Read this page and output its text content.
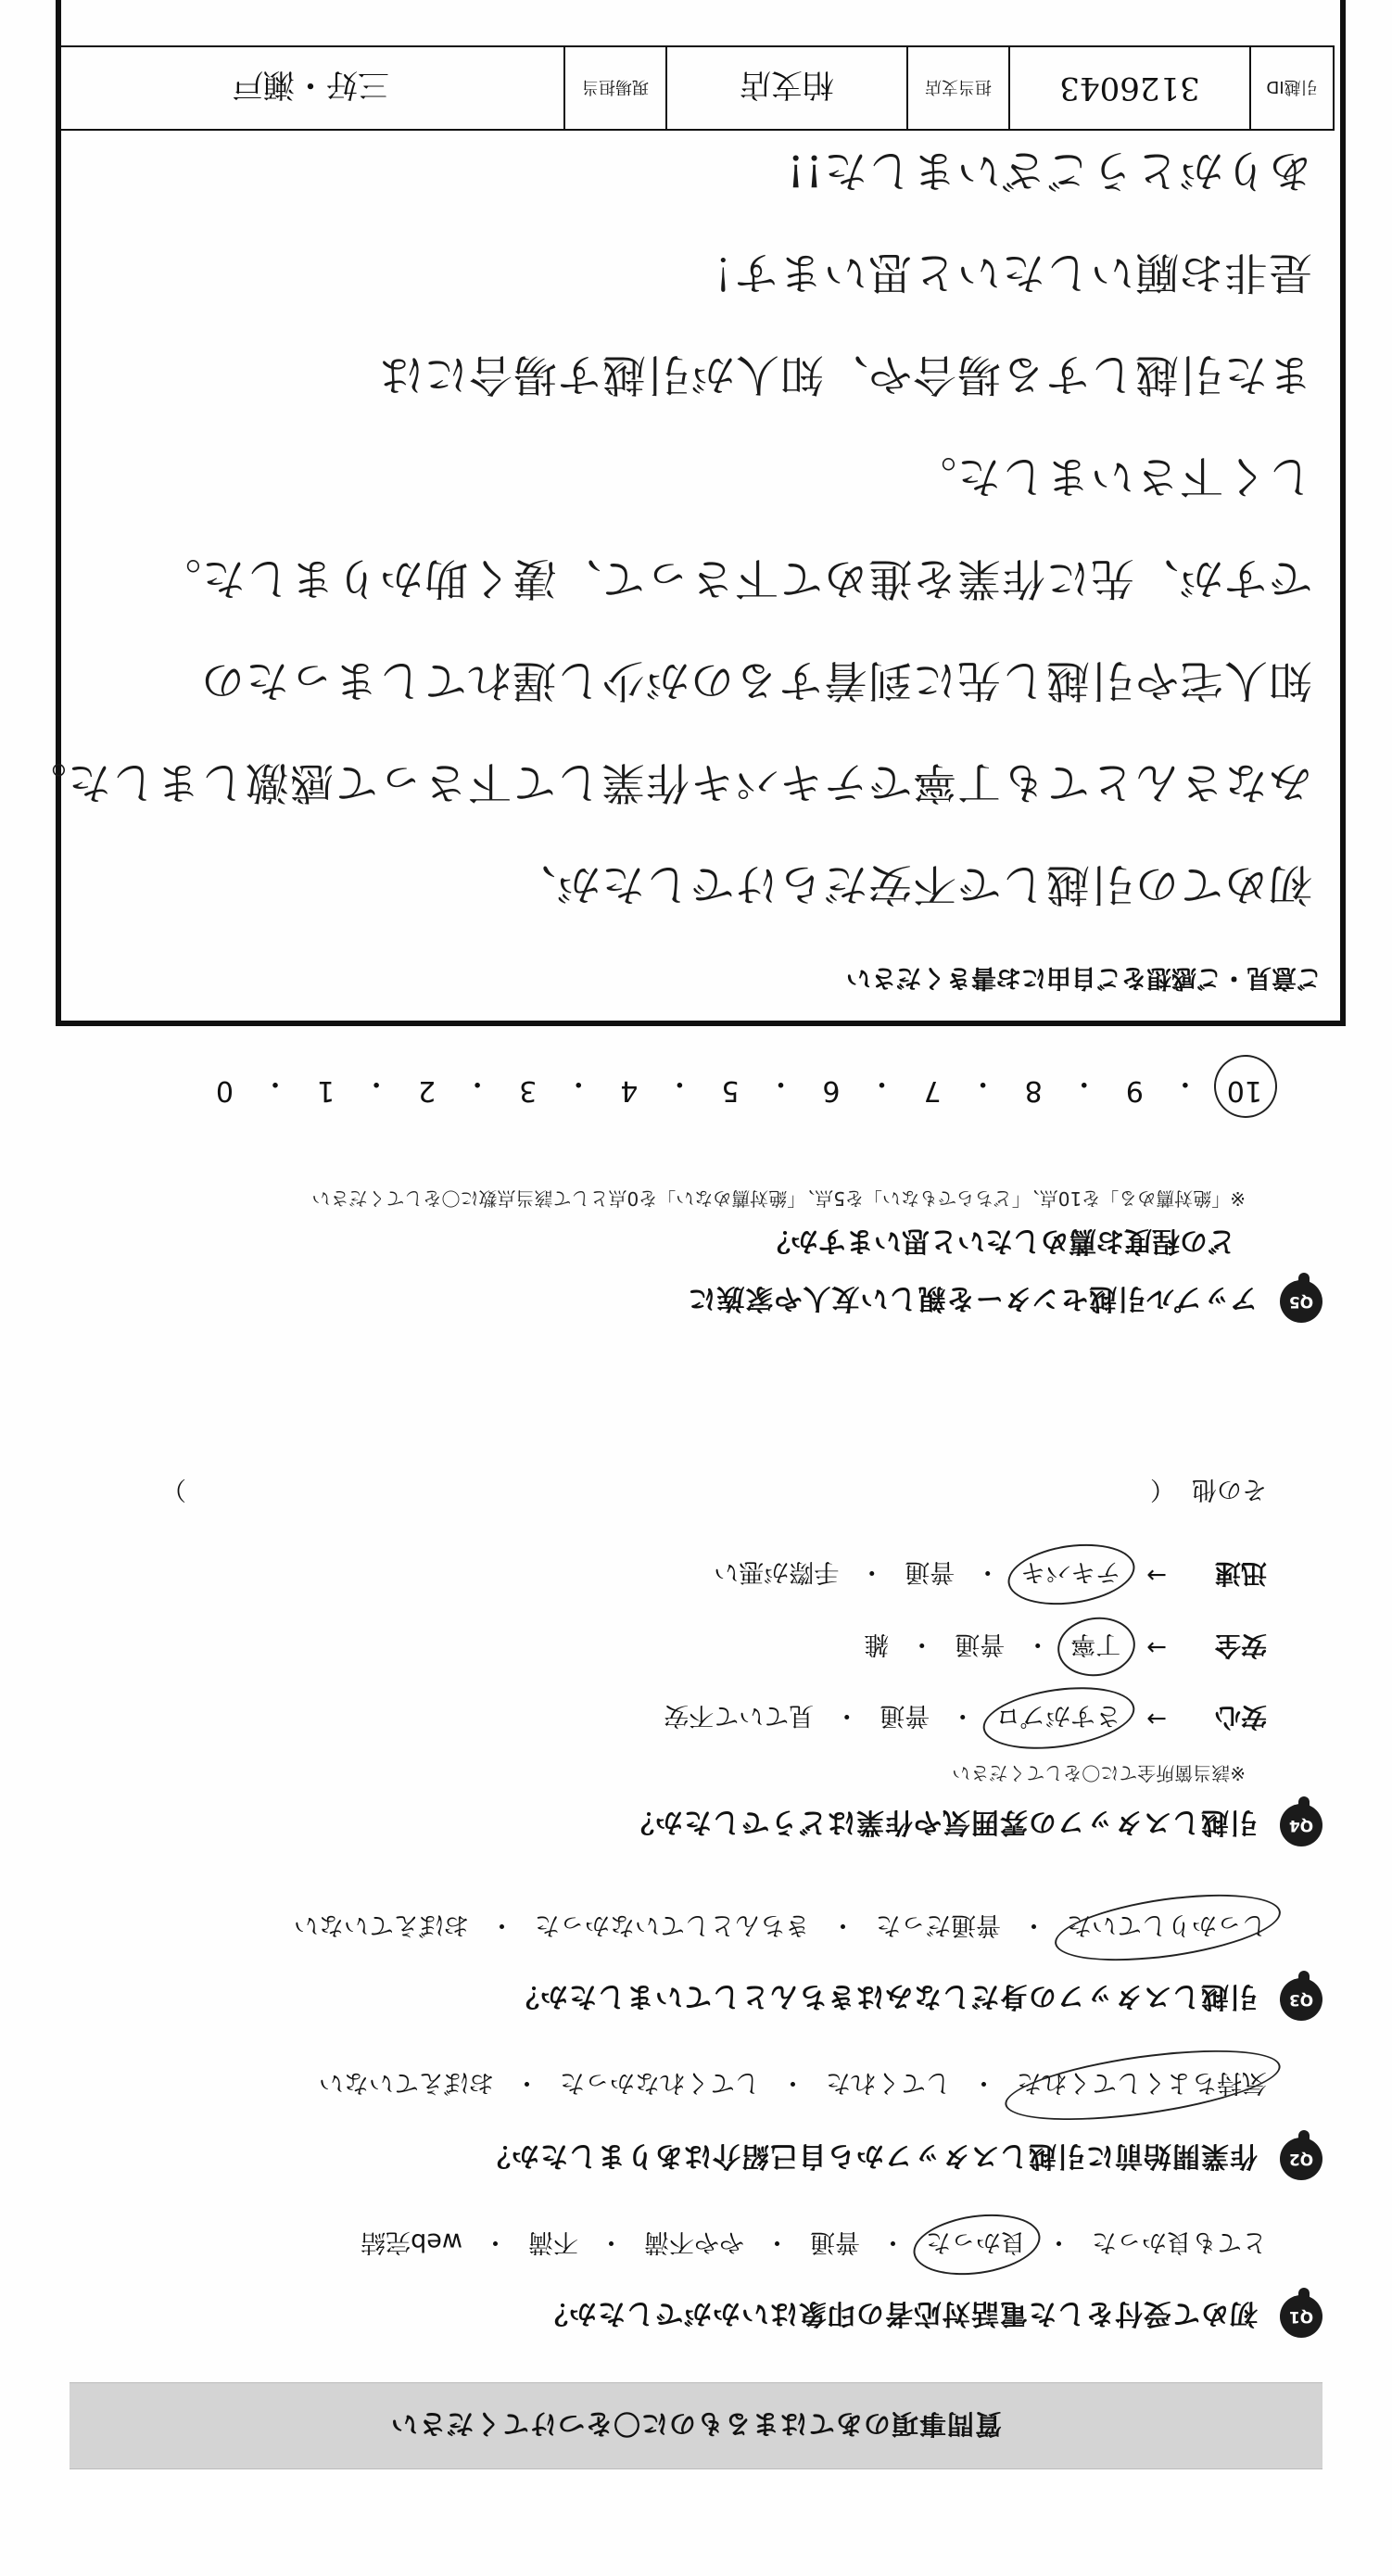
質問事項のあてはまるものに〇をつけてください
Q1
初めて受付をした電話対応者の印象はいかがでしたか？
とても良かった
・
良かった
・
普通
・
やや不満
・
不満
・
web完結
Q2
作業開始前に引越しスタッフから自己紹介はありましたか？
気持ちよくしてくれた
・
してくれた
・
してくれなかった
・
おぼえていない
Q3
引越しスタッフの身だしなみはきちんとしていましたか？
しっかりしていた
・
普通だった
・
きちんとしていなかった
・
おぼえていない
Q4
引越しスタッフの雰囲気や作業はどうでしたか？
※該当箇所全てに〇をしてください
安心
→
さすがプロ
・
普通
・
見ていて不安
安全
→
丁寧
・
普通
・
雑
迅速
→
テキパキ
・
普通
・
手際が悪い
その他
（
）
Q5
アップル引越センターを親しい友人や家族に
どの程度お薦めしたいと思いますか？
※「絶対薦める」を10点、「どちらでもない」を5点、「絶対薦めない」を0点として該当点数に〇をしてください
10
・
9
・
8
・
7
・
6
・
5
・
4
・
3
・
2
・
1
・
0
ご意見・ご感想をご自由にお書きください
初めての引越しで不安だらけでしたが、
みなさんとても丁寧でテキパキ作業して下さって感激しました。
知人宅や引越し先に到着するのが少し遅れてしまったの
ですが、先に作業を進めて下さって、凄く助かりました。
しく下さいました。
また引越しする場合や、知人が引越す場合には
是非お願いしたいと思います！
ありがとうございました!!
引越ID
3126043
担当支店
柏支店
現場担当
三好・瀬戸
